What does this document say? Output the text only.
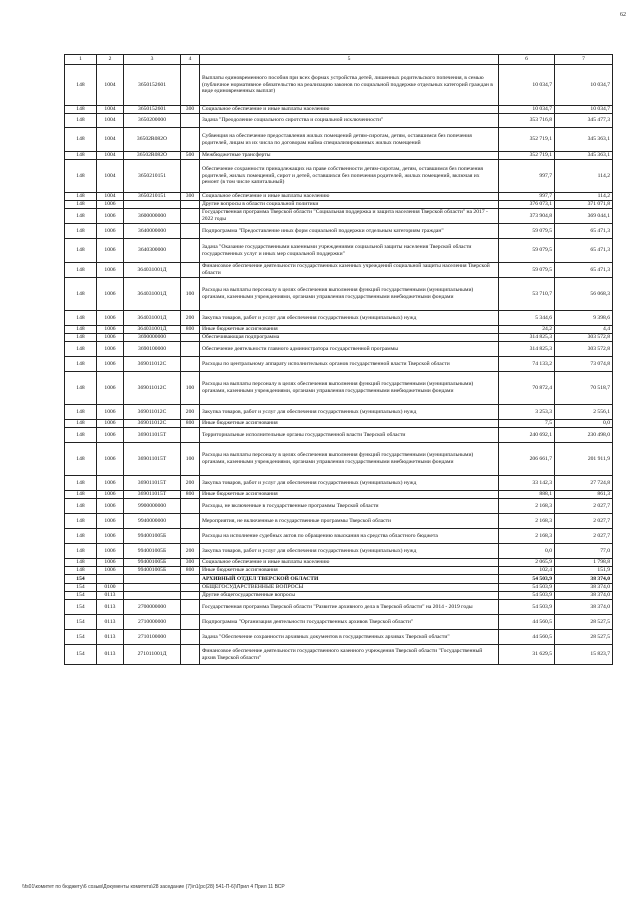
62
1	2	3	4	5	6	7
148	1004	3650152601		Выплаты единовременного пособия при всех формах устройства детей, лишенных родительского попечения, в семью (публичное нормативное обязательство на реализацию законов по социальной поддержке отдельных категорий граждан в виде единовременных выплат)	10 034,7	10 034,7
148	1004	3650152601	300	Социальное обеспечение и иные выплаты населению	10 034,7	10 034,7
148	1004	3650200000		Задача "Преодоление социального сиротства и социальной исключенности"	353 716,8	345 477,3
148	1004	36502R082О		Субвенция на обеспечение предоставления жилых помещений детям-сиротам, детям, оставшимся без попечения родителей, лицам из их числа по договорам найма специализированных жилых помещений	352 719,1	345 363,1
148	1004	36502R082О	500	Межбюджетные трансферты	352 719,1	345 363,1
148	1004	3650210151		Обеспечение сохранности принадлежащих на праве собственности детям-сиротам, детям, оставшимся без попечения родителей, жилых помещений, сирот и детей, оставшихся без попечения родителей, жилых помещений, включая их ремонт (в том числе капитальный)	997,7	114,2
148	1004	3650210151	300	Социальное обеспечение и иные выплаты населению	997,7	114,2
148	1006			Другие вопросы в области социальной политики	376 073,1	371 071,8
148	1006	3600000000		Государственная программа Тверской области "Социальная поддержка и защита населения Тверской области" на 2017 - 2022 годы	373 904,8	369 044,1
148	1006	3640000000		Подпрограмма "Предоставление иных форм социальной поддержки отдельным категориям граждан"	59 079,5	65 471,3
148	1006	3640300000		Задача "Оказание государственными казенными учреждениями социальной защиты населения Тверской области государственных услуг и иных мер социальной поддержки"	59 079,5	65 471,3
148	1006	364031001Д		Финансовое обеспечение деятельности государственных казенных учреждений социальной защиты населения Тверской области	59 079,5	65 471,3
148	1006	364031001Д	100	Расходы на выплаты персоналу в целях обеспечения выполнения функций государственными (муниципальными) органами, казенными учреждениями, органами управления государственными внебюджетными фондами	53 710,7	56 068,3
148	1006	364031001Д	200	Закупка товаров, работ и услуг для обеспечения государственных (муниципальных) нужд	5 344,6	9 398,6
148	1006	364031001Д	800	Иные бюджетные ассигнования	24,2	4,4
148	1006	3690000000		Обеспечивающая подпрограмма	314 825,3	303 572,8
148	1006	3690100000		Обеспечение деятельности главного администратора государственной программы	314 825,3	303 572,8
148	1006	369011012C		Расходы по центральному аппарату исполнительных органов государственной власти Тверской области	74 133,2	73 074,8
148	1006	369011012C	100	Расходы на выплаты персоналу в целях обеспечения выполнения функций государственными (муниципальными) органами, казенными учреждениями, органами управления государственными внебюджетными фондами	70 872,4	70 518,7
148	1006	369011012C	200	Закупка товаров, работ и услуг для обеспечения государственных (муниципальных) нужд	3 253,3	2 556,1
148	1006	369011012C	800	Иные бюджетные ассигнования	7,5	0,0
148	1006	369011015T		Территориальные исполнительные органы государственной власти Тверской области	240 692,1	230 498,0
148	1006	369011015T	100	Расходы на выплаты персоналу в целях обеспечения выполнения функций государственными (муниципальными) органами, казенными учреждениями, органами управления государственными внебюджетными фондами	206 661,7	201 911,9
148	1006	369011015T	200	Закупка товаров, работ и услуг для обеспечения государственных (муниципальных) нужд	33 142,3	27 724,8
148	1006	369011015T	800	Иные бюджетные ассигнования	888,1	861,3
148	1006	9900000000		Расходы, не включенные в государственные программы Тверской области	2 168,3	2 027,7
148	1006	9940000000		Мероприятия, не включенные в государственные программы Тверской области	2 168,3	2 027,7
148	1006	994001005Б		Расходы на исполнение судебных актов по обращению взыскания на средства областного бюджета	2 168,3	2 027,7
148	1006	994001005Б	200	Закупка товаров, работ и услуг для обеспечения государственных (муниципальных) нужд	0,0	77,0
148	1006	994001005Б	300	Социальное обеспечение и иные выплаты населению	2 065,9	1 798,8
148	1006	994001005Б	800	Иные бюджетные ассигнования	102,4	151,9
154				АРХИВНЫЙ ОТДЕЛ ТВЕРСКОЙ ОБЛАСТИ	54 503,9	38 374,0
154	0100			ОБЩЕГОСУДАРСТВЕННЫЕ ВОПРОСЫ	54 503,9	38 374,0
154	0113			Другие общегосударственные вопросы	54 503,9	38 374,0
154	0113	2700000000		Государственная программа Тверской области "Развитие архивного дела в Тверской области" на 2014 - 2019 годы	54 503,9	38 374,0
154	0113	2710000000		Подпрограмма "Организация деятельности государственных архивов Тверской области"	44 560,5	28 527,5
154	0113	2710100000		Задача "Обеспечение сохранности архивных документов в государственных архивах Тверской области"	44 560,5	28 527,5
154	0113	271011001Д		Финансовое обеспечение деятельности государственного казенного учреждения Тверской области "Государственный архив Тверской области"	31 629,5	15 823,7
\\fs01\комитет по бюджету\6 созыв\Документы комитета\28 заседание (7)\п1(рс(28) 541-П-6)\Прил 4 Прил 11 ВСР
